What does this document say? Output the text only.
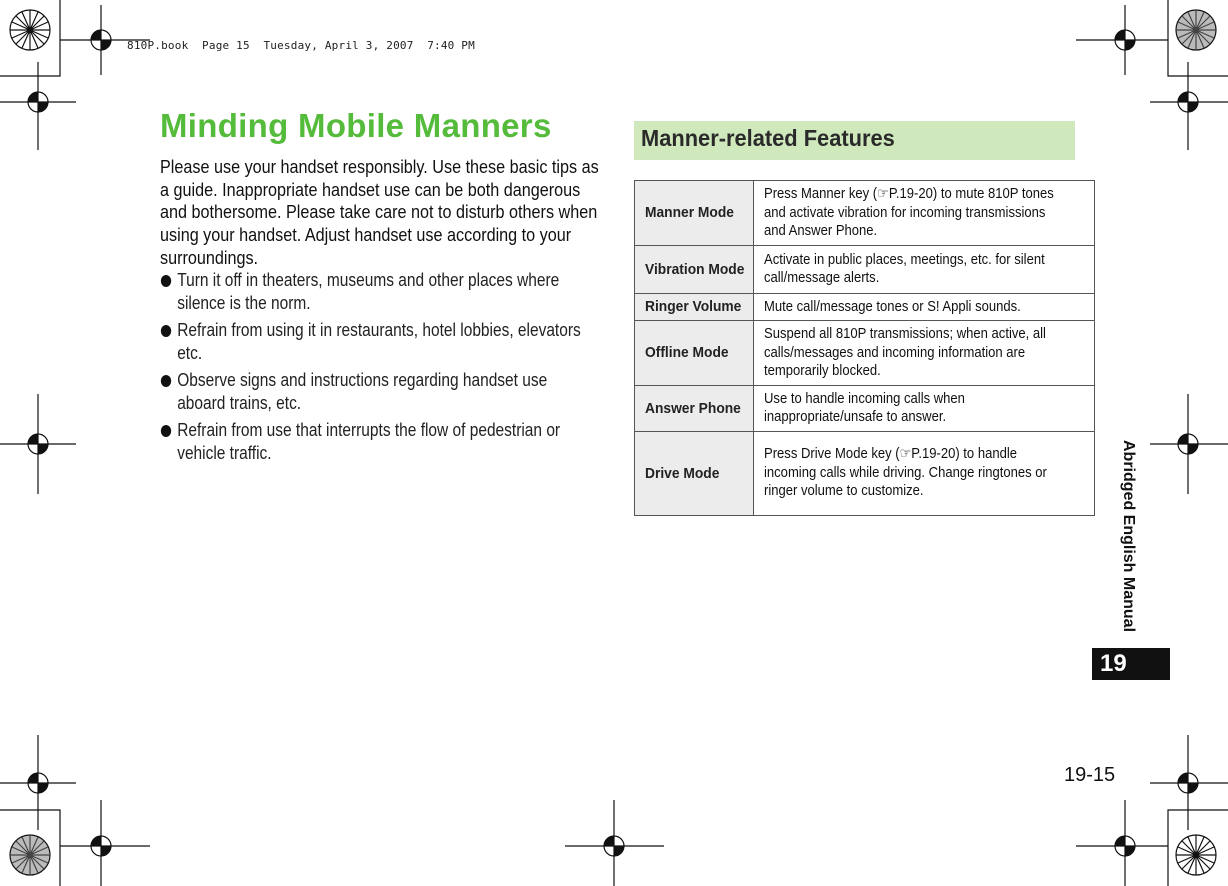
810P.book  Page 15  Tuesday, April 3, 2007  7:40 PM
Minding Mobile Manners
Please use your handset responsibly. Use these basic tips as a guide. Inappropriate handset use can be both dangerous and bothersome. Please take care not to disturb others when using your handset. Adjust handset use according to your surroundings.
Turn it off in theaters, museums and other places where silence is the norm.
Refrain from using it in restaurants, hotel lobbies, elevators etc.
Observe signs and instructions regarding handset use aboard trains, etc.
Refrain from use that interrupts the flow of pedestrian or vehicle traffic.
Manner-related Features
Manner Mode	Press Manner key (☞P.19-20) to mute 810P tones and activate vibration for incoming transmissions and Answer Phone.

Vibration Mode	Activate in public places, meetings, etc. for silent call/message alerts.

Ringer Volume	Mute call/message tones or S! Appli sounds.

Offline Mode	Suspend all 810P transmissions; when active, all calls/messages and incoming information are temporarily blocked.

Answer Phone	Use to handle incoming calls when inappropriate/unsafe to answer.

Drive Mode	Press Drive Mode key (☞P.19-20) to handle incoming calls while driving. Change ringtones or ringer volume to customize.	Abridged English Manual
19
19-15
